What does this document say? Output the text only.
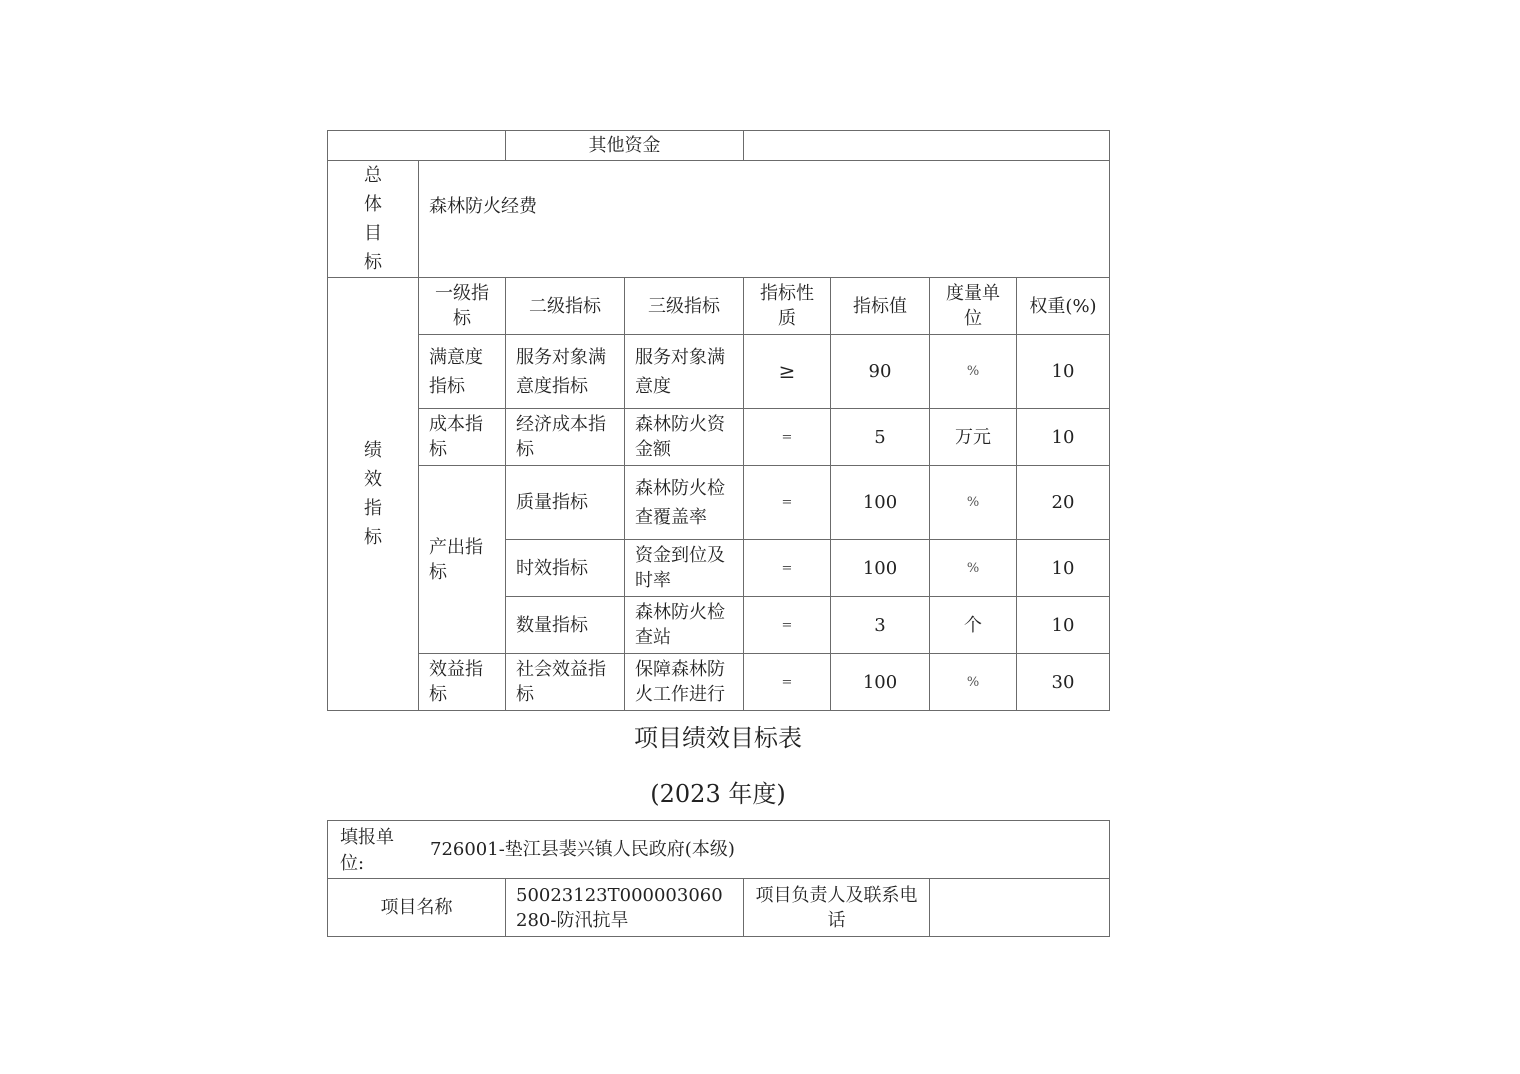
		其他资金					

总
体
目
标	森林防火经费						

绩
效
指
标	一级指标	二级指标	三级指标	指标性质	指标值	度量单位	权重(%)
	满意度指标	服务对象满意度指标	服务对象满意度	≥	90	%	10
	成本指标	经济成本指标	森林防火资金额	=	5	万元	10
	产出指标	质量指标	森林防火检查覆盖率	=	100	%	20
		时效指标	资金到位及时率	=	100	%	10
		数量指标	森林防火检查站	=	3	个	10
	效益指标	社会效益指标	保障森林防火工作进行	=	100	%	30
项目绩效目标表
(2023 年度)
填报单位:
726001-垫江县裴兴镇人民政府(本级)
项目名称	50023123T000003060280-防汛抗旱	项目负责人及联系电话	
